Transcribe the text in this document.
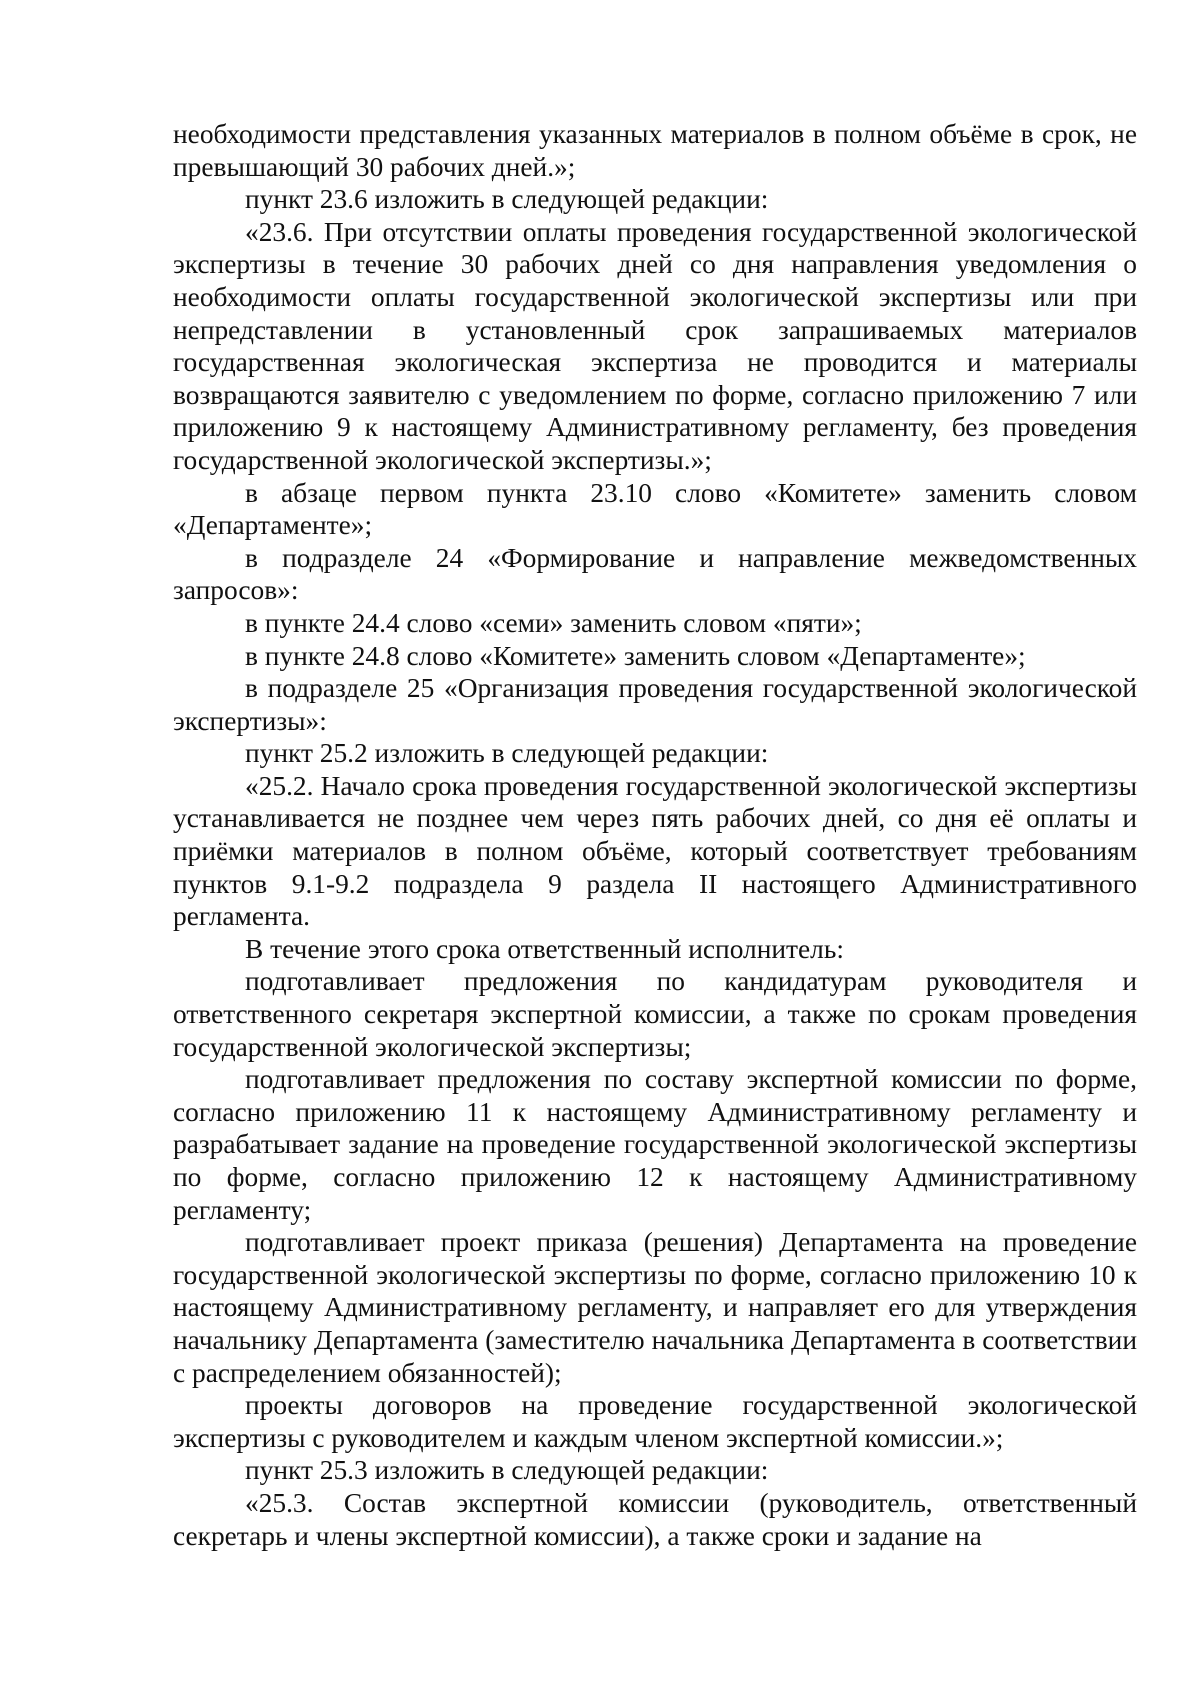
необходимости представления указанных материалов в полном объёме в срок, не превышающий 30 рабочих дней.»;

пункт 23.6 изложить в следующей редакции:

«23.6. При отсутствии оплаты проведения государственной экологической экспертизы в течение 30 рабочих дней со дня направления уведомления о необходимости оплаты государственной экологической экспертизы или при непредставлении в установленный срок запрашиваемых материалов государственная экологическая экспертиза не проводится и материалы возвращаются заявителю с уведомлением по форме, согласно приложению 7 или приложению 9 к настоящему Административному регламенту, без проведения государственной экологической экспертизы.»;

в абзаце первом пункта 23.10 слово «Комитете» заменить словом «Департаменте»;

в подразделе 24 «Формирование и направление межведомственных запросов»:

в пункте 24.4 слово «семи» заменить словом «пяти»;

в пункте 24.8 слово «Комитете» заменить словом «Департаменте»;

в подразделе 25 «Организация проведения государственной экологической экспертизы»:

пункт 25.2 изложить в следующей редакции:

«25.2. Начало срока проведения государственной экологической экспертизы устанавливается не позднее чем через пять рабочих дней, со дня её оплаты и приёмки материалов в полном объёме, который соответствует требованиям пунктов 9.1-9.2 подраздела 9 раздела II настоящего Административного регламента.

В течение этого срока ответственный исполнитель:

подготавливает предложения по кандидатурам руководителя и ответственного секретаря экспертной комиссии, а также по срокам проведения государственной экологической экспертизы;

подготавливает предложения по составу экспертной комиссии по форме, согласно приложению 11 к настоящему Административному регламенту и разрабатывает задание на проведение государственной экологической экспертизы по форме, согласно приложению 12 к настоящему Административному регламенту;

подготавливает проект приказа (решения) Департамента на проведение государственной экологической экспертизы по форме, согласно приложению 10 к настоящему Административному регламенту, и направляет его для утверждения начальнику Департамента (заместителю начальника Департамента в соответствии с распределением обязанностей);

проекты договоров на проведение государственной экологической экспертизы с руководителем и каждым членом экспертной комиссии.»;

пункт 25.3 изложить в следующей редакции:

«25.3. Состав экспертной комиссии (руководитель, ответственный секретарь и члены экспертной комиссии), а также сроки и задание на
